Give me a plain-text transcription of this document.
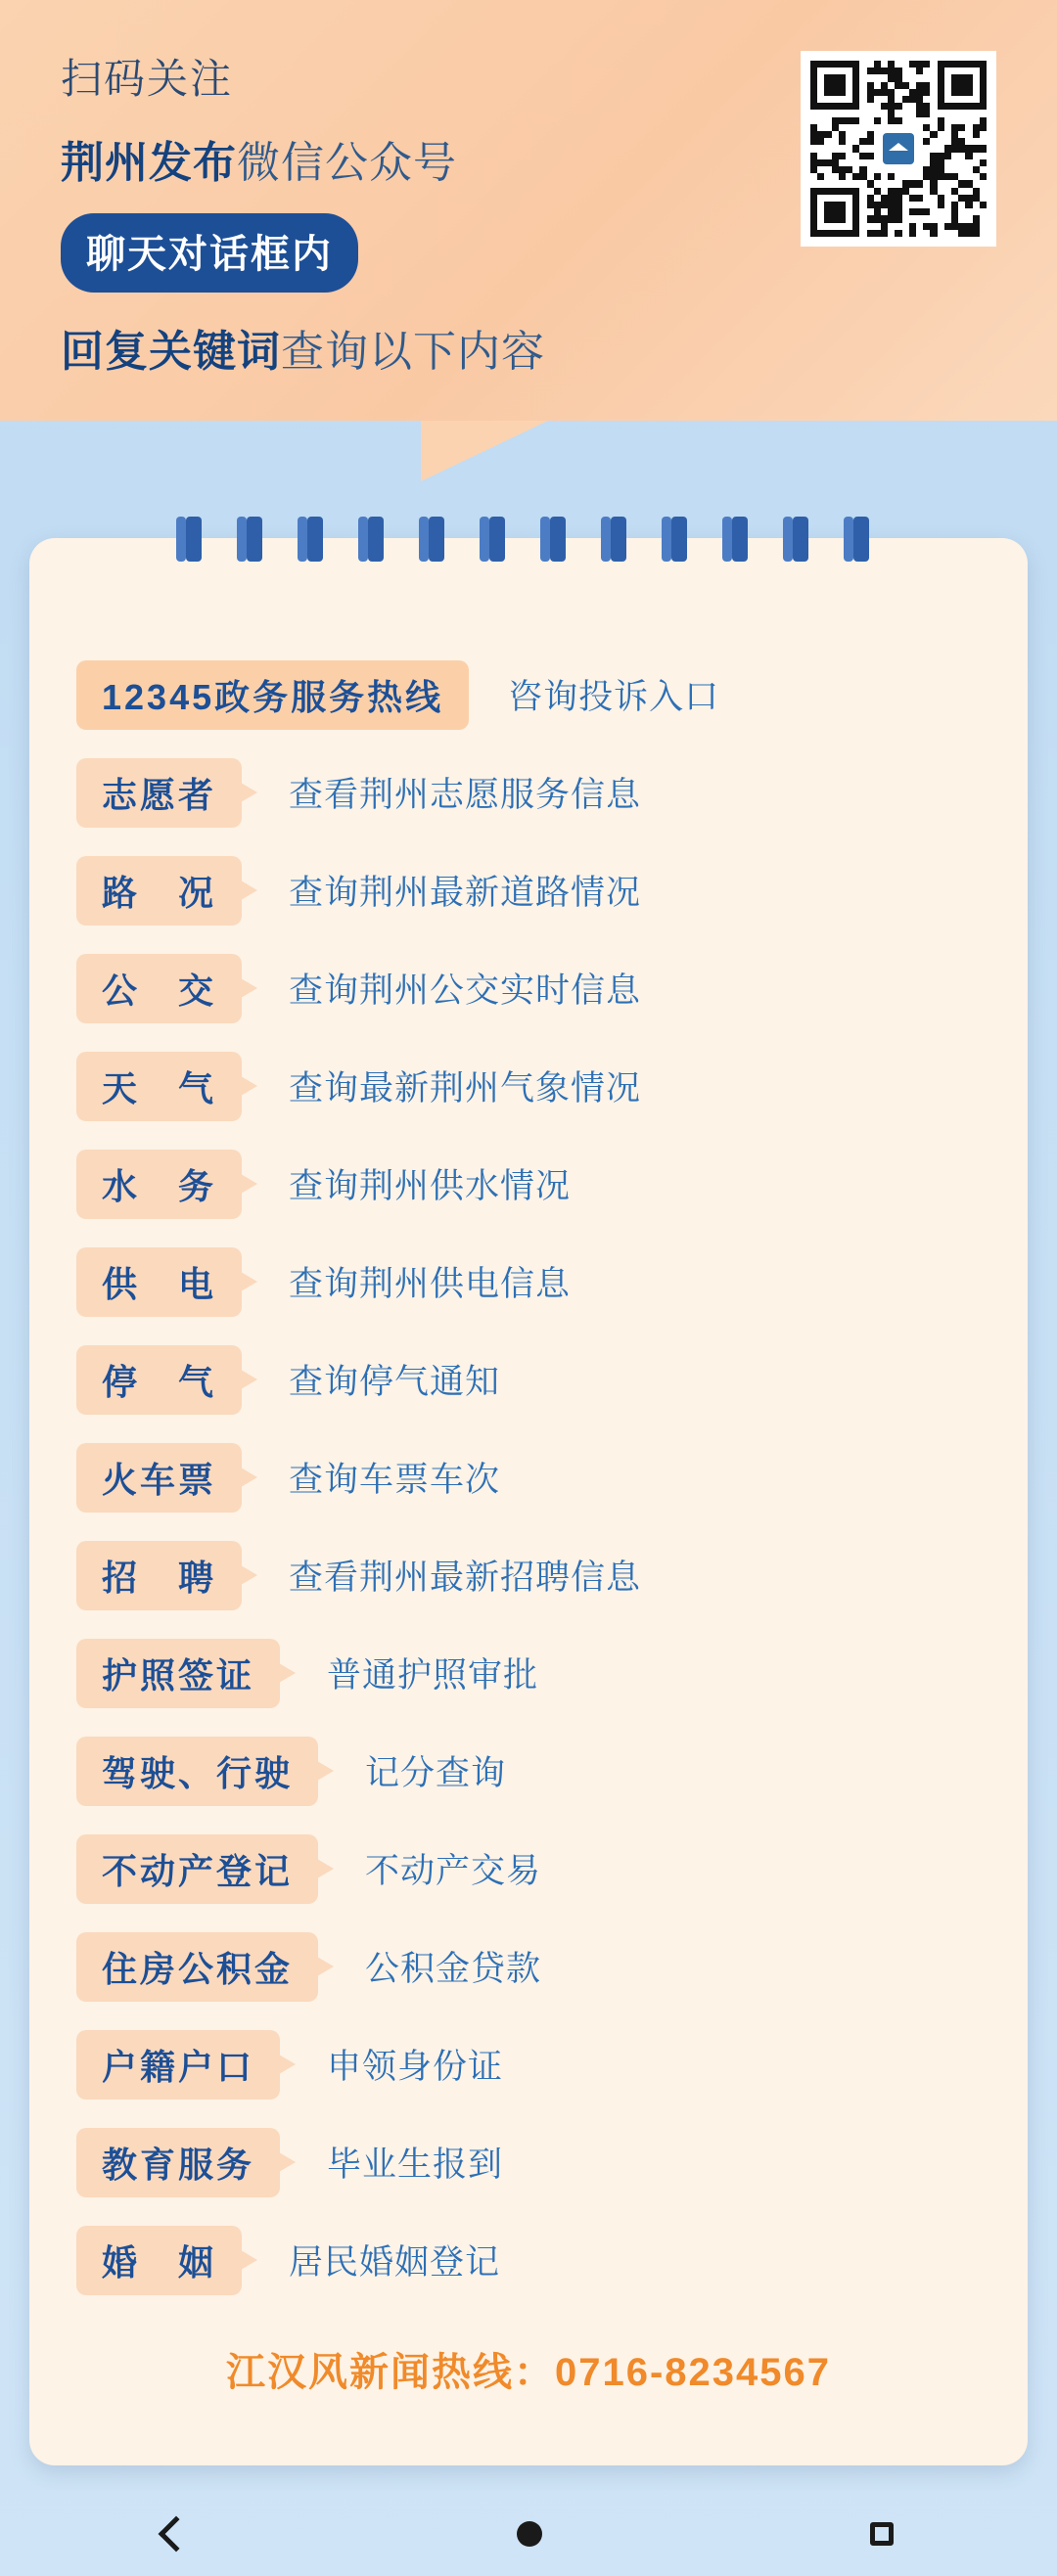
扫码关注
荆州发布微信公众号
聊天对话框内
回复关键词查询以下内容
12345政务服务热线	咨询投诉入口
志愿者	查看荆州志愿服务信息
路　况	查询荆州最新道路情况
公　交	查询荆州公交实时信息
天　气	查询最新荆州气象情况
水　务	查询荆州供水情况
供　电	查询荆州供电信息
停　气	查询停气通知
火车票	查询车票车次
招　聘	查看荆州最新招聘信息
护照签证	普通护照审批
驾驶、行驶	记分查询
不动产登记	不动产交易
住房公积金	公积金贷款
户籍户口	申领身份证
教育服务	毕业生报到
婚　姻	居民婚姻登记
江汉风新闻热线：0716-8234567
